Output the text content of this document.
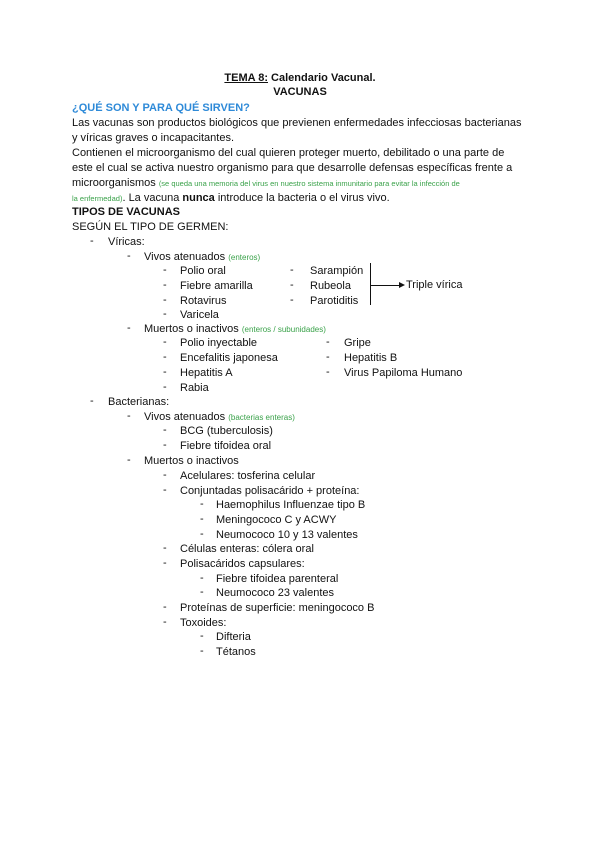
TEMA 8: Calendario Vacunal.
VACUNAS
¿QUÉ SON Y PARA QUÉ SIRVEN?
Las vacunas son productos biológicos que previenen enfermedades infecciosas bacterianas
y víricas graves o incapacitantes.
Contienen el microorganismo del cual quieren proteger muerto, debilitado o una parte de
este el cual se activa nuestro organismo para que desarrolle defensas específicas frente a
microorganismos (se queda una memoria del virus en nuestro sistema inmunitario para evitar la infección de
la enfermedad). La vacuna nunca introduce la bacteria o el virus vivo.
TIPOS DE VACUNAS
SEGÚN EL TIPO DE GERMEN:
- Víricas:
- Vivos atenuados (enteros)
- Polio oral
- Fiebre amarilla
- Rotavirus
- Varicela
- Sarampión
- Rubeola
- Parotiditis
Triple vírica
- Muertos o inactivos (enteros / subunidades)
- Polio inyectable
- Encefalitis japonesa
- Hepatitis A
- Rabia
- Gripe
- Hepatitis B
- Virus Papiloma Humano
- Bacterianas:
- Vivos atenuados (bacterias enteras)
- BCG (tuberculosis)
- Fiebre tifoidea oral
- Muertos o inactivos
- Acelulares: tosferina celular
- Conjuntadas polisacárido + proteína:
- Haemophilus Influenzae tipo B
- Meningococo C y ACWY
- Neumococo 10 y 13 valentes
- Células enteras: cólera oral
- Polisacáridos capsulares:
- Fiebre tifoidea parenteral
- Neumococo 23 valentes
- Proteínas de superficie: meningococo B
- Toxoides:
- Difteria
- Tétanos
